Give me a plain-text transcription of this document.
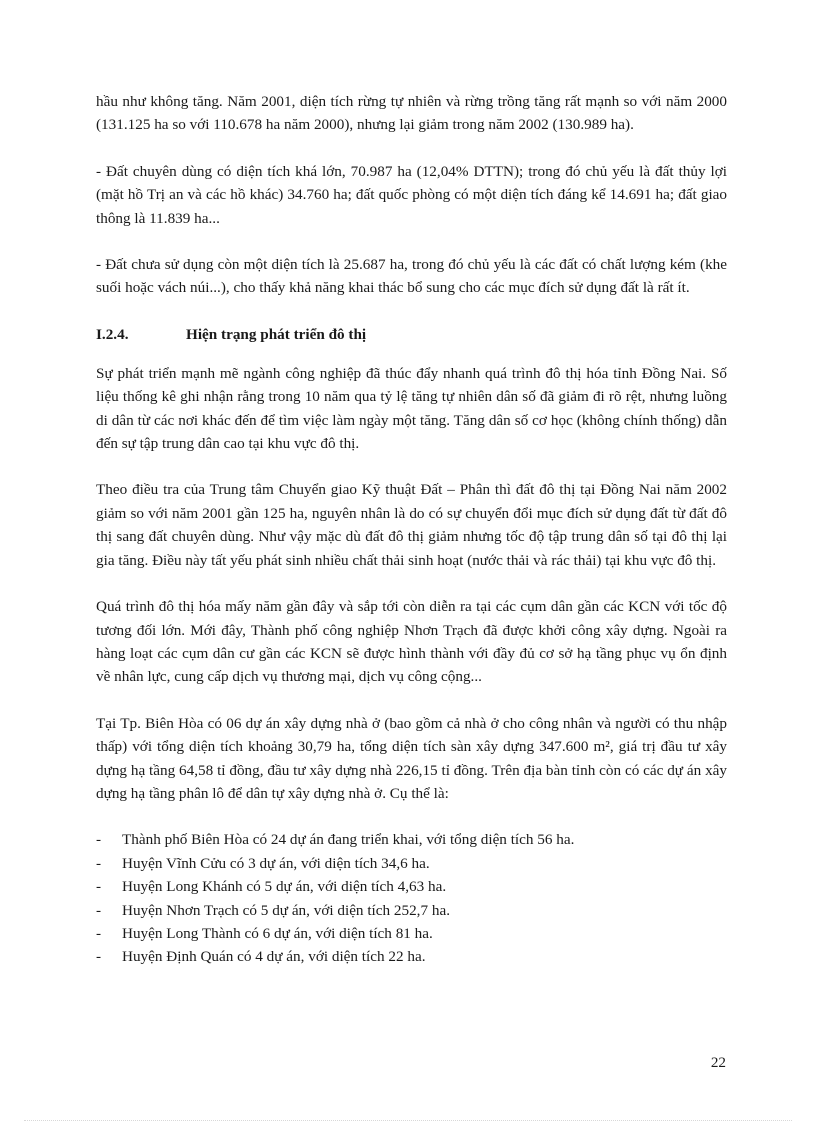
hầu như không tăng. Năm 2001, diện tích rừng tự nhiên và rừng trồng tăng rất mạnh so với năm 2000 (131.125 ha so với 110.678 ha năm 2000), nhưng lại giảm trong năm 2002 (130.989 ha).

- Đất chuyên dùng có diện tích khá lớn, 70.987 ha (12,04% DTTN); trong đó chủ yếu là đất thủy lợi (mặt hồ Trị an và các hồ khác) 34.760 ha; đất quốc phòng có một diện tích đáng kể 14.691 ha; đất giao thông là 11.839 ha...

- Đất chưa sử dụng còn một diện tích là 25.687 ha, trong đó chủ yếu là các đất có chất lượng kém (khe suối hoặc vách núi...), cho thấy khả năng khai thác bổ sung cho các mục đích sử dụng đất là rất ít.

I.2.4.	Hiện trạng phát triển đô thị

Sự phát triển mạnh mẽ ngành công nghiệp đã thúc đẩy nhanh quá trình đô thị hóa tỉnh Đồng Nai. Số liệu thống kê ghi nhận rằng trong 10 năm qua tỷ lệ tăng tự nhiên dân số đã giảm đi rõ rệt, nhưng luồng di dân từ các nơi khác đến để tìm việc làm ngày một tăng. Tăng dân số cơ học (không chính thống) dẫn đến sự tập trung dân cao tại khu vực đô thị.

Theo điều tra của Trung tâm Chuyển giao Kỹ thuật Đất – Phân thì đất đô thị tại Đồng Nai năm 2002 giảm so với năm 2001 gần 125 ha, nguyên nhân là do có sự chuyển đổi mục đích sử dụng đất từ đất đô thị sang đất chuyên dùng. Như vậy mặc dù đất đô thị giảm nhưng tốc độ tập trung dân số tại đô thị lại gia tăng. Điều này tất yếu phát sinh nhiều chất thải sinh hoạt (nước thải và rác thải) tại khu vực đô thị.

Quá trình đô thị hóa mấy năm gần đây và sắp tới còn diễn ra tại các cụm dân gần các KCN với tốc độ tương đối lớn. Mới đây, Thành phố công nghiệp Nhơn Trạch đã được khởi công xây dựng. Ngoài ra hàng loạt các cụm dân cư gần các KCN sẽ được hình thành với đầy đủ cơ sở hạ tầng phục vụ ổn định về nhân lực, cung cấp dịch vụ thương mại, dịch vụ công cộng...

Tại Tp. Biên Hòa có 06 dự án xây dựng nhà ở (bao gồm cả nhà ở cho công nhân và người có thu nhập thấp) với tổng diện tích khoảng 30,79 ha, tổng diện tích sàn xây dựng 347.600 m², giá trị đầu tư xây dựng hạ tầng 64,58 tỉ đồng, đầu tư xây dựng nhà 226,15 tỉ đồng. Trên địa bàn tỉnh còn có các dự án xây dựng hạ tầng phân lô để dân tự xây dựng nhà ở. Cụ thể là:

-	Thành phố Biên Hòa có 24 dự án đang triển khai, với tổng diện tích 56 ha.
-	Huyện Vĩnh Cửu có 3 dự án, với diện tích 34,6 ha.
-	Huyện Long Khánh có 5 dự án, với diện tích 4,63 ha.
-	Huyện Nhơn Trạch có 5 dự án, với diện tích 252,7 ha.
-	Huyện Long Thành có 6 dự án, với diện tích 81 ha.
-	Huyện Định Quán có 4 dự án, với diện tích 22 ha.
22
